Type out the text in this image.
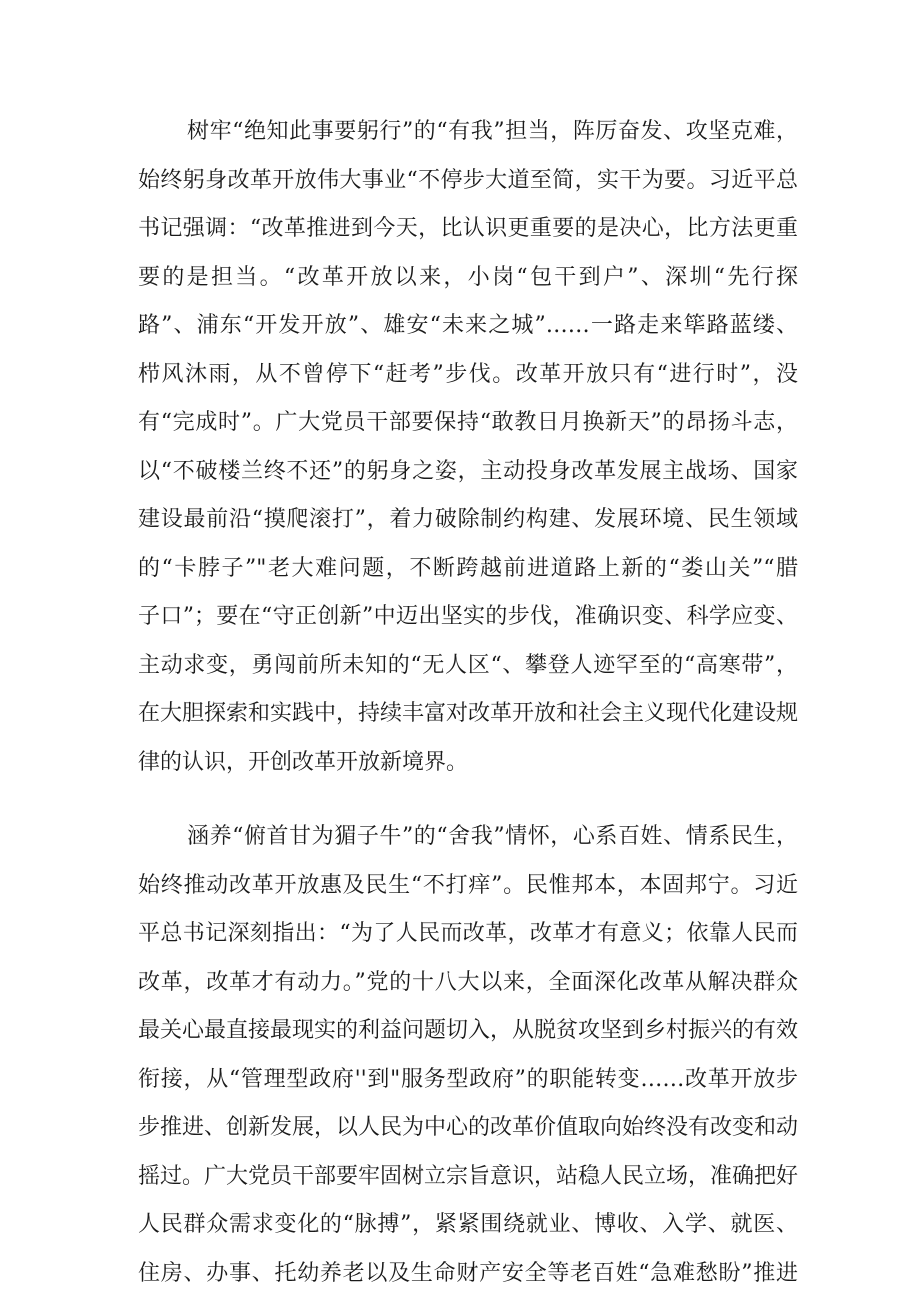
树牢“绝知此事要躬行”的“有我”担当，阵厉奋发、攻坚克难，
始终躬身改革开放伟大事业“不停步大道至简，实干为要。习近平总
书记强调：“改革推进到今天，比认识更重要的是决心，比方法更重
要的是担当。“改革开放以来，小岗“包干到户”、深圳“先行探
路”、浦东“开发开放”、雄安“未来之城”……一路走来筚路蓝缕、
栉风沐雨，从不曾停下“赶考”步伐。改革开放只有“进行时”，没
有“完成时”。广大党员干部要保持“敢教日月换新天”的昂扬斗志，
以“不破楼兰终不还”的躬身之姿，主动投身改革发展主战场、国家
建设最前沿“摸爬滚打”，着力破除制约构建、发展环境、民生领域
的“卡脖子”"老大难问题，不断跨越前进道路上新的“娄山关”“腊
子口”；要在“守正创新”中迈出坚实的步伐，准确识变、科学应变、
主动求变，勇闯前所未知的“无人区“、攀登人迹罕至的“高寒带”，
在大胆探索和实践中，持续丰富对改革开放和社会主义现代化建设规
律的认识，开创改革开放新境界。
涵养“俯首甘为猸子牛”的“舍我”情怀，心系百姓、情系民生，
始终推动改革开放惠及民生“不打痒”。民惟邦本，本固邦宁。习近
平总书记深刻指出：“为了人民而改革，改革才有意义；依靠人民而
改革，改革才有动力。”党的十八大以来，全面深化改革从解决群众
最关心最直接最现实的利益问题切入，从脱贫攻坚到乡村振兴的有效
衔接，从“管理型政府''到"服务型政府”的职能转变……改革开放步
步推进、创新发展，以人民为中心的改革价值取向始终没有改变和动
摇过。广大党员干部要牢固树立宗旨意识，站稳人民立场，准确把好
人民群众需求变化的“脉搏”，紧紧围绕就业、博收、入学、就医、
住房、办事、托幼养老以及生命财产安全等老百姓“急难愁盼”推进
